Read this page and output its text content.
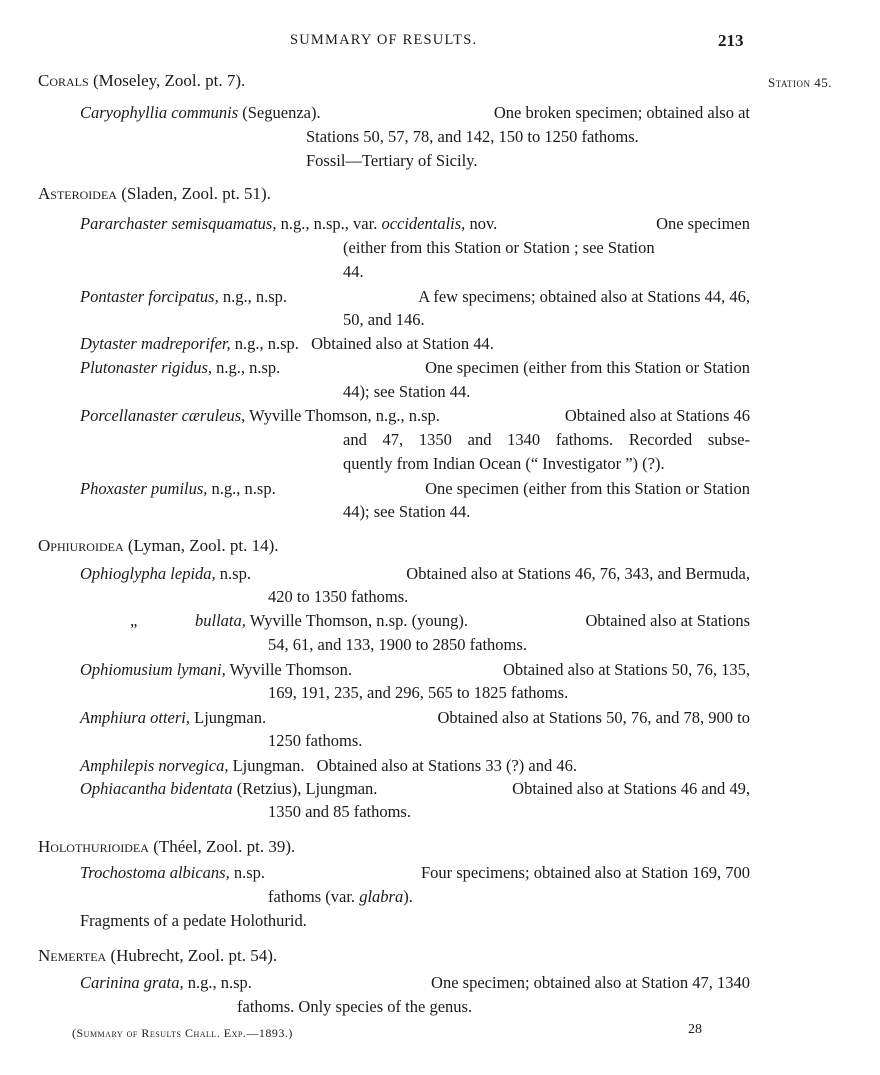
SUMMARY OF RESULTS.	213
Station 45.
Corals (Moseley, Zool. pt. 7).
Caryophyllia communis (Seguenza).	One broken specimen; obtained also at
Stations 50, 57, 78, and 142, 150 to 1250 fathoms.
Fossil—Tertiary of Sicily.
Asteroidea (Sladen, Zool. pt. 51).
Pararchaster semisquamatus, n.g., n.sp., var. occidentalis, nov.	One specimen
(either from this Station or Station ; see Station
44.
Pontaster forcipatus, n.g., n.sp.	A few specimens; obtained also at Stations 44, 46,
50, and 146.
Dytaster madreporifer, n.g., n.sp. Obtained also at Station 44.
Plutonaster rigidus, n.g., n.sp.	One specimen (either from this Station or Station
44); see Station 44.
Porcellanaster cæruleus, Wyville Thomson, n.g., n.sp.	Obtained also at Stations 46
and 47, 1350 and 1340 fathoms. Recorded subse-
quently from Indian Ocean (“ Investigator ”) (?).
Phoxaster pumilus, n.g., n.sp.	One specimen (either from this Station or Station
44); see Station 44.
Ophiuroidea (Lyman, Zool. pt. 14).
Ophioglypha lepida, n.sp.	Obtained also at Stations 46, 76, 343, and Bermuda,
420 to 1350 fathoms.
„	bullata, Wyville Thomson, n.sp. (young).	Obtained also at Stations
54, 61, and 133, 1900 to 2850 fathoms.
Ophiomusium lymani, Wyville Thomson.	Obtained also at Stations 50, 76, 135,
169, 191, 235, and 296, 565 to 1825 fathoms.
Amphiura otteri, Ljungman.	Obtained also at Stations 50, 76, and 78, 900 to
1250 fathoms.
Amphilepis norvegica, Ljungman. Obtained also at Stations 33 (?) and 46.
Ophiacantha bidentata (Retzius), Ljungman.	Obtained also at Stations 46 and 49,
1350 and 85 fathoms.
Holothurioidea (Théel, Zool. pt. 39).
Trochostoma albicans, n.sp.	Four specimens; obtained also at Station 169, 700
fathoms (var. glabra).
Fragments of a pedate Holothurid.
Nemertea (Hubrecht, Zool. pt. 54).
Carinina grata, n.g., n.sp.	One specimen; obtained also at Station 47, 1340
fathoms. Only species of the genus.
(Summary of Results Chall. Exp.—1893.)	28
